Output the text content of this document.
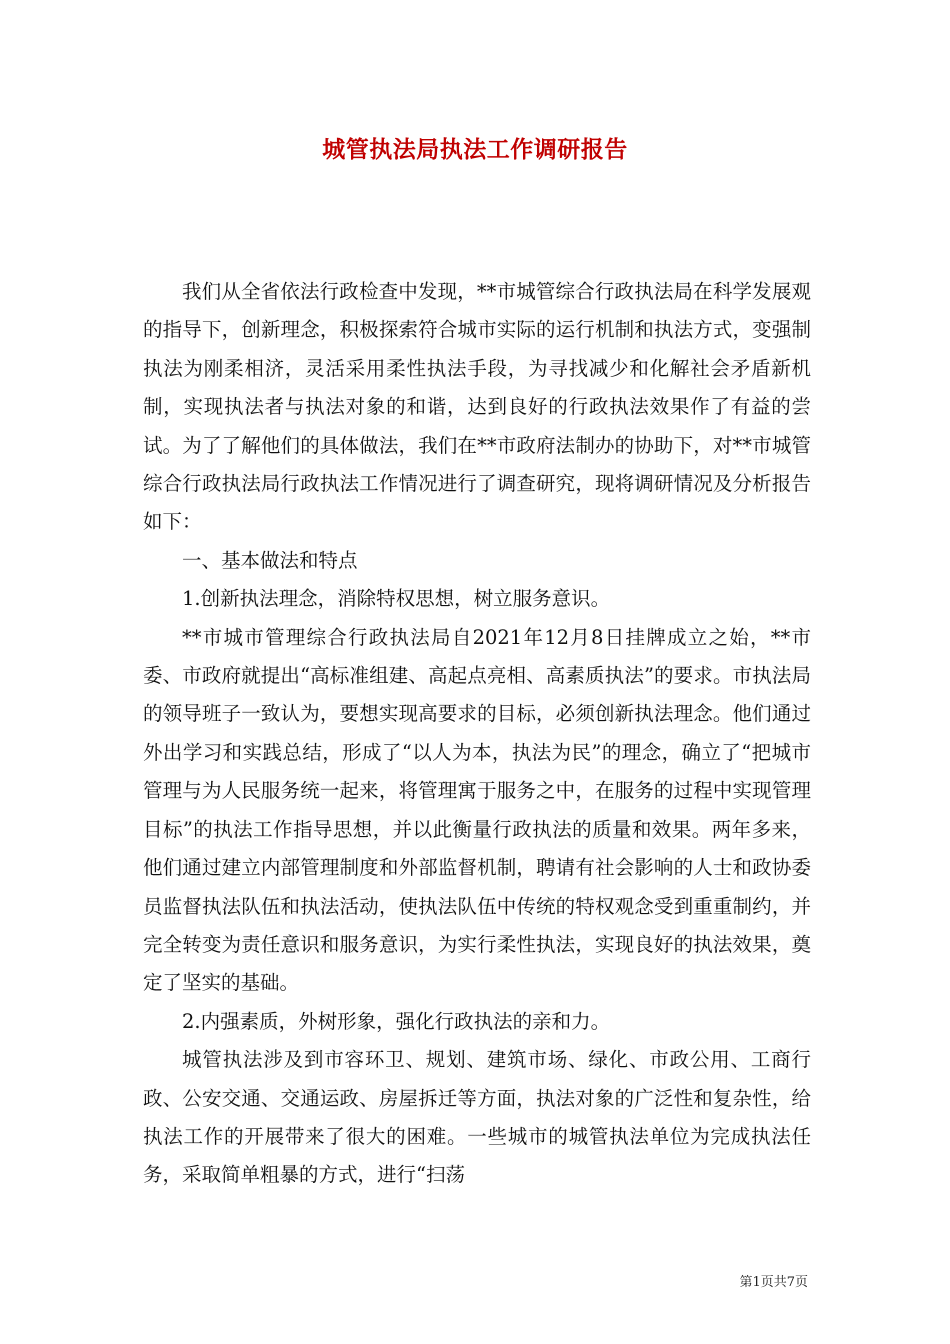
城管执法局执法工作调研报告

我们从全省依法行政检查中发现，**市城管综合行政执法局在科学发展观的指导下，创新理念，积极探索符合城市实际的运行机制和执法方式，变强制执法为刚柔相济，灵活采用柔性执法手段，为寻找减少和化解社会矛盾新机制，实现执法者与执法对象的和谐，达到良好的行政执法效果作了有益的尝试。为了了解他们的具体做法，我们在**市政府法制办的协助下，对**市城管综合行政执法局行政执法工作情况进行了调查研究，现将调研情况及分析报告如下：

一、基本做法和特点

1.创新执法理念，消除特权思想，树立服务意识。

**市城市管理综合行政执法局自2021年12月8日挂牌成立之始，**市委、市政府就提出“高标准组建、高起点亮相、高素质执法”的要求。市执法局的领导班子一致认为，要想实现高要求的目标，必须创新执法理念。他们通过外出学习和实践总结，形成了“以人为本，执法为民”的理念，确立了“把城市管理与为人民服务统一起来，将管理寓于服务之中，在服务的过程中实现管理目标”的执法工作指导思想，并以此衡量行政执法的质量和效果。两年多来，他们通过建立内部管理制度和外部监督机制，聘请有社会影响的人士和政协委员监督执法队伍和执法活动，使执法队伍中传统的特权观念受到重重制约，并完全转变为责任意识和服务意识，为实行柔性执法，实现良好的执法效果，奠定了坚实的基础。

2.内强素质，外树形象，强化行政执法的亲和力。

城管执法涉及到市容环卫、规划、建筑市场、绿化、市政公用、工商行政、公安交通、交通运政、房屋拆迁等方面，执法对象的广泛性和复杂性，给执法工作的开展带来了很大的困难。一些城市的城管执法单位为完成执法任务，采取简单粗暴的方式，进行“扫荡

第1页共7页
